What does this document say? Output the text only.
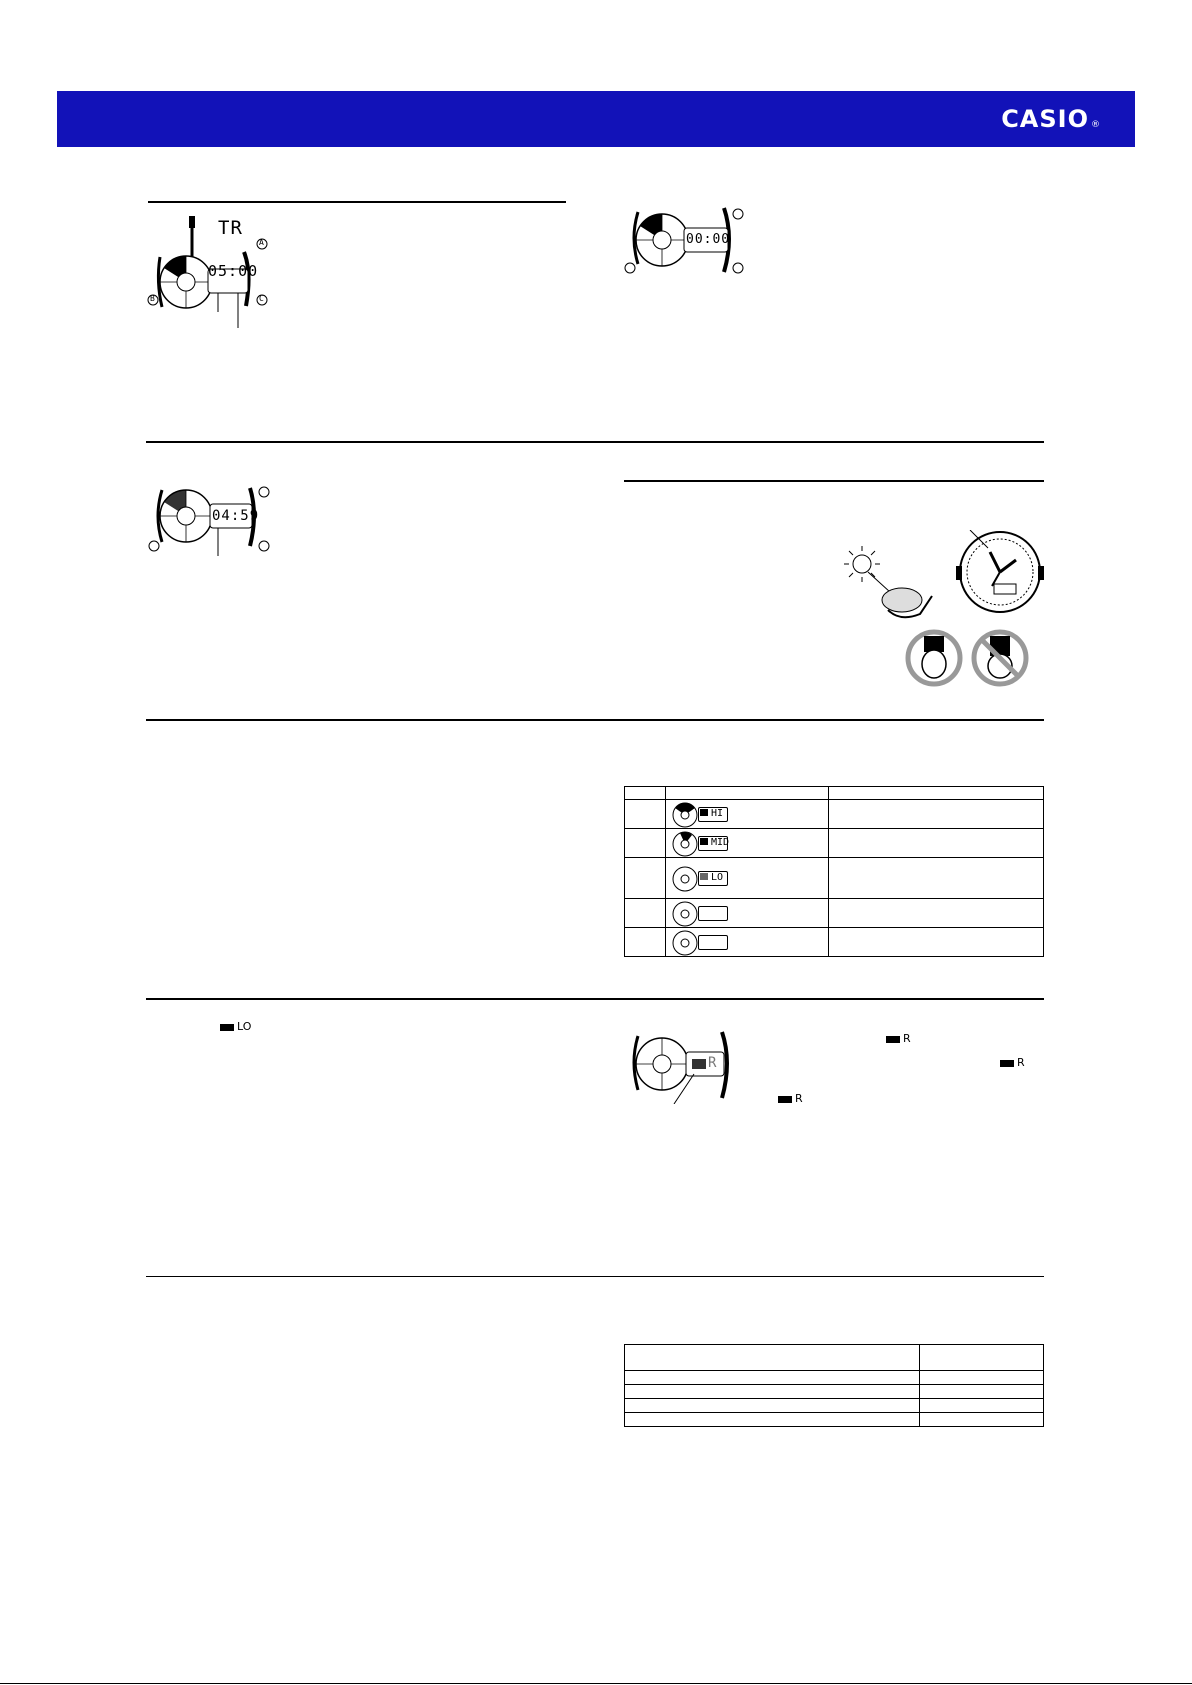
CASIO ®
TR
05:00
B
A
C
00:00
04:59

	HI	

	MID	

	LO	

LO
R
R
R
R
